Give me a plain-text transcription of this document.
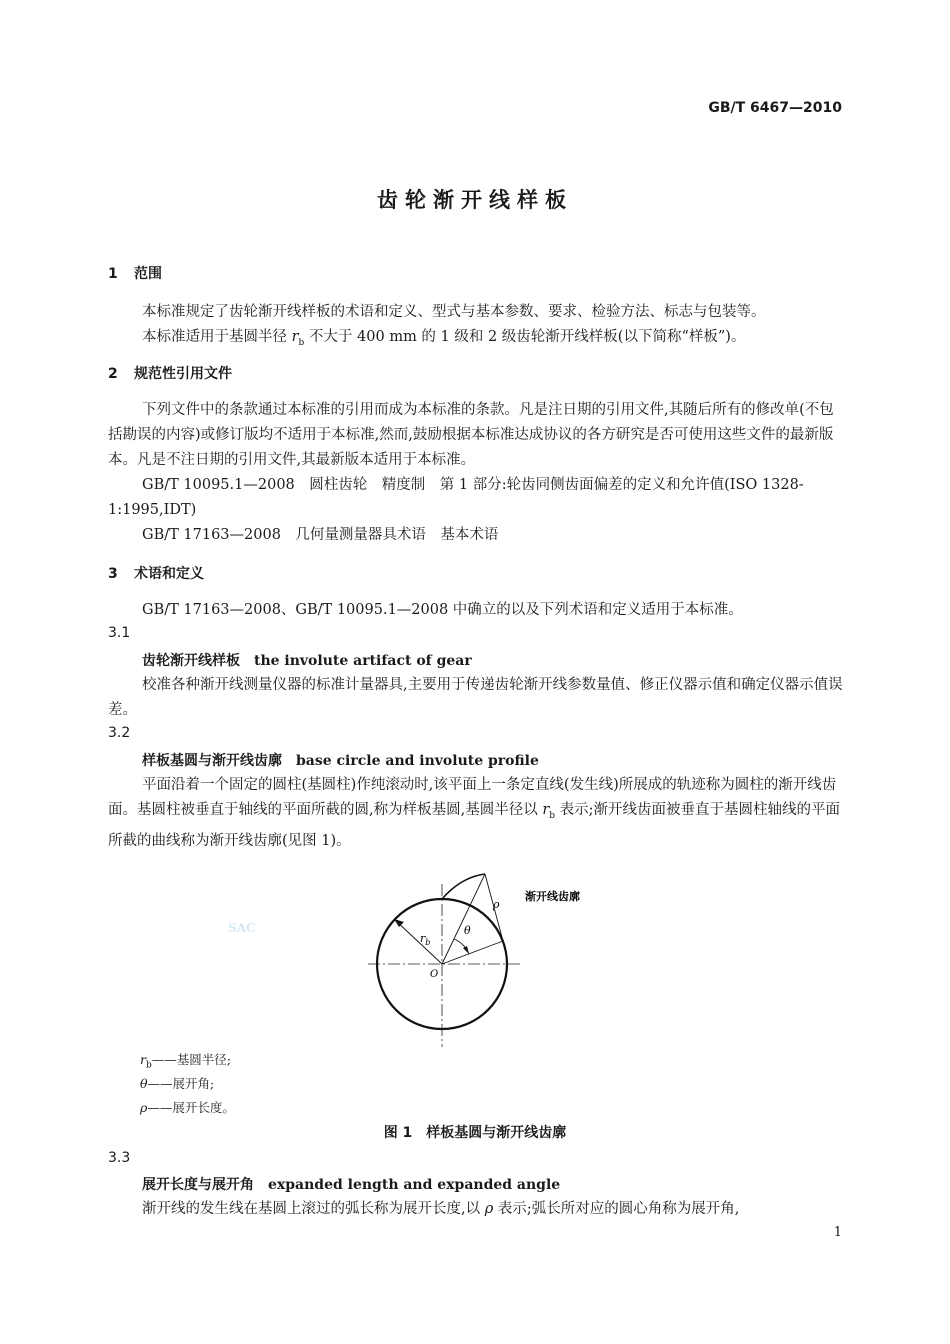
GB/T 6467—2010
齿轮渐开线样板
1 范围
本标准规定了齿轮渐开线样板的术语和定义、型式与基本参数、要求、检验方法、标志与包装等。
本标准适用于基圆半径 $r_b$ 不大于 400 mm 的 1 级和 2 级齿轮渐开线样板(以下简称“样板”)。
2 规范性引用文件
下列文件中的条款通过本标准的引用而成为本标准的条款。凡是注日期的引用文件,其随后所有的修改单(不包括勘误的内容)或修订版均不适用于本标准,然而,鼓励根据本标准达成协议的各方研究是否可使用这些文件的最新版本。凡是不注日期的引用文件,其最新版本适用于本标准。
GB/T 10095.1—2008　圆柱齿轮　精度制　第 1 部分:轮齿同侧齿面偏差的定义和允许值(ISO 1328-1:1995,IDT)
GB/T 17163—2008　几何量测量器具术语　基本术语
3 术语和定义
GB/T 17163—2008、GB/T 10095.1—2008 中确立的以及下列术语和定义适用于本标准。
3.1
齿轮渐开线样板 the involute artifact of gear
校准各种渐开线测量仪器的标准计量器具,主要用于传递齿轮渐开线参数量值、修正仪器示值和确定仪器示值误差。
3.2
样板基圆与渐开线齿廓 base circle and involute profile
平面沿着一个固定的圆柱(基圆柱)作纯滚动时,该平面上一条定直线(发生线)所展成的轨迹称为圆柱的渐开线齿面。基圆柱被垂直于轴线的平面所截的圆,称为样板基圆,基圆半径以 $r_b$ 表示;渐开线齿面被垂直于基圆柱轴线的平面所截的曲线称为渐开线齿廓(见图 1)。
SAC	θ
ρ
O
$r_b$
渐开线齿廓
$r_b——$基圆半径;
θ——展开角;
ρ——展开长度。
图 1　样板基圆与渐开线齿廓
3.3
展开长度与展开角 expanded length and expanded angle
渐开线的发生线在基圆上滚过的弧长称为展开长度,以 ρ 表示;弧长所对应的圆心角称为展开角,
1
